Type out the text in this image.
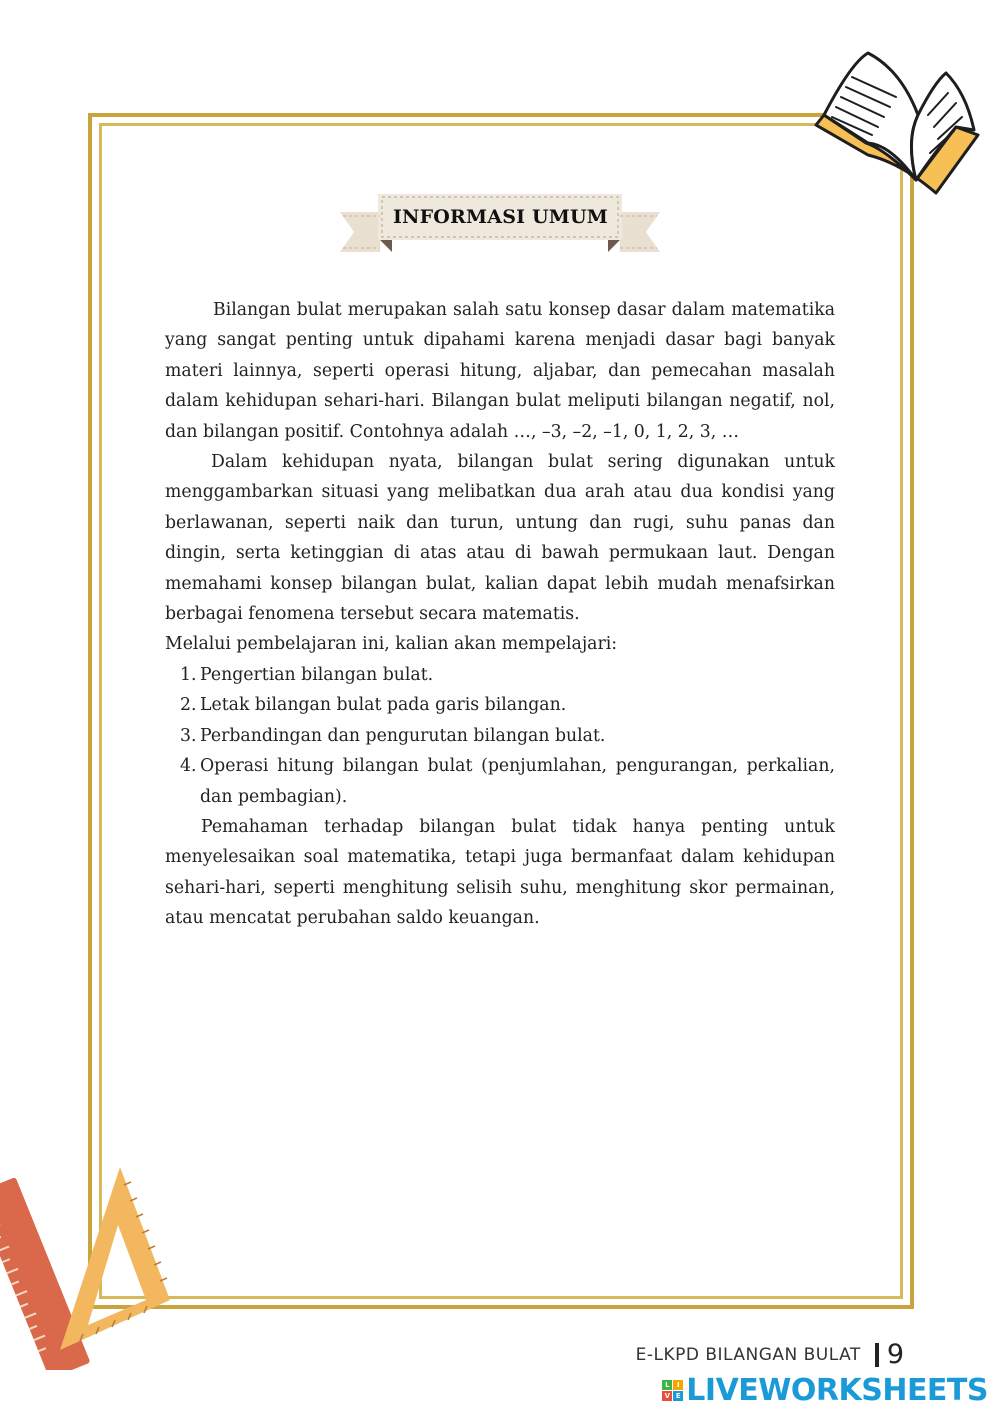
INFORMASI UMUM

Bilangan bulat merupakan salah satu konsep dasar dalam matematika yang sangat penting untuk dipahami karena menjadi dasar bagi banyak materi lainnya, seperti operasi hitung, aljabar, dan pemecahan masalah dalam kehidupan sehari-hari. Bilangan bulat meliputi bilangan negatif, nol, dan bilangan positif. Contohnya adalah …, –3, –2, –1, 0, 1, 2, 3, …

Dalam kehidupan nyata, bilangan bulat sering digunakan untuk menggambarkan situasi yang melibatkan dua arah atau dua kondisi yang berlawanan, seperti naik dan turun, untung dan rugi, suhu panas dan dingin, serta ketinggian di atas atau di bawah permukaan laut. Dengan memahami konsep bilangan bulat, kalian dapat lebih mudah menafsirkan berbagai fenomena tersebut secara matematis.

Melalui pembelajaran ini, kalian akan mempelajari:

1. Pengertian bilangan bulat.
2. Letak bilangan bulat pada garis bilangan.
3. Perbandingan dan pengurutan bilangan bulat.
4. Operasi hitung bilangan bulat (penjumlahan, pengurangan, perkalian, dan pembagian).

Pemahaman terhadap bilangan bulat tidak hanya penting untuk menyelesaikan soal matematika, tetapi juga bermanfaat dalam kehidupan sehari-hari, seperti menghitung selisih suhu, menghitung skor permainan, atau mencatat perubahan saldo keuangan.

E-LKPD BILANGAN BULAT 9
L	I
V E LIVEWORKSHEETS
